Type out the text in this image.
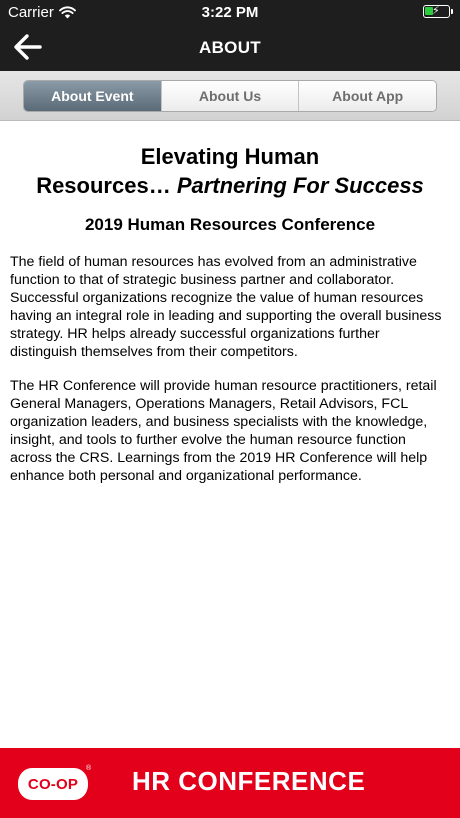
Carrier	3:22 PM	⚡
ABOUT
About Event	About Us	About App
Elevating Human
Resources… Partnering For Success
2019 Human Resources Conference

The field of human resources has evolved from an administrative function to that of strategic business partner and collaborator. Successful organizations recognize the value of human resources having an integral role in leading and supporting the overall business strategy. HR helps already successful organizations further distinguish themselves from their competitors.

The HR Conference will provide human resource practitioners, retail General Managers, Operations Managers, Retail Advisors, FCL organization leaders, and business specialists with the knowledge, insight, and tools to further evolve the human resource function across the CRS. Learnings from the 2019 HR Conference will help enhance both personal and organizational performance.

CO-OP
® HR CONFERENCE
